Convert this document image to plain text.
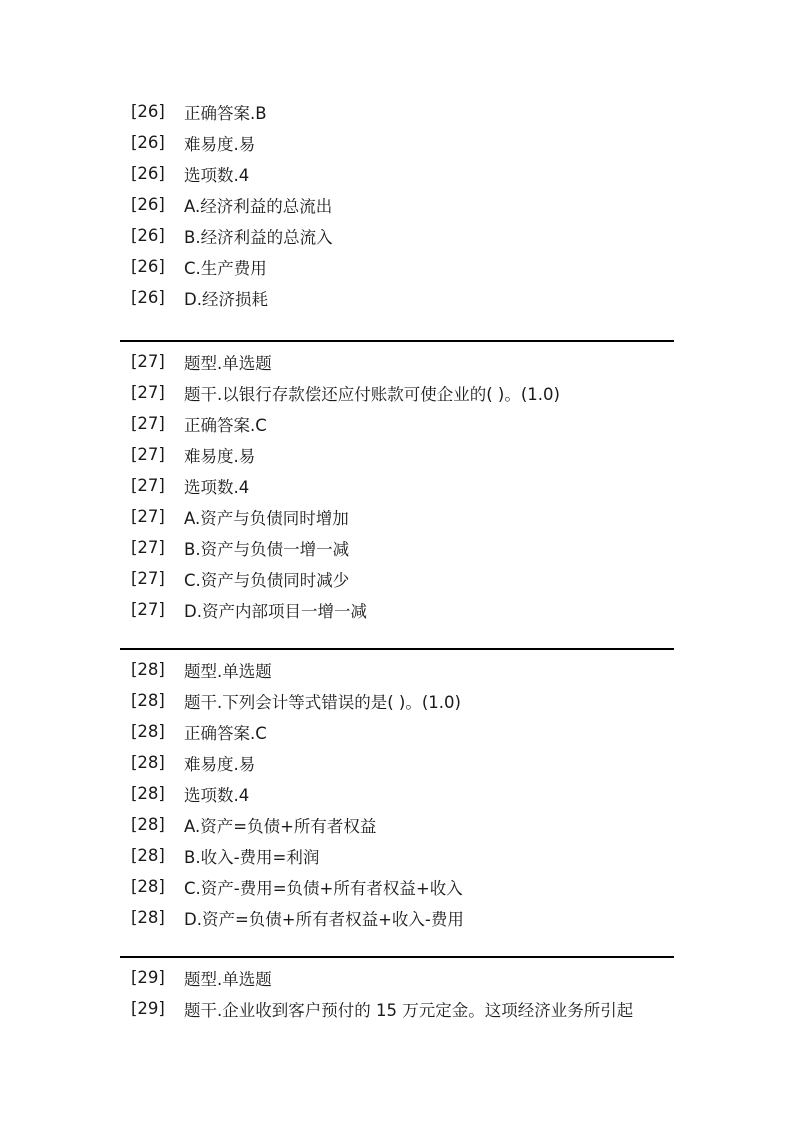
[26]	正确答案.B
[26]	难易度.易
[26]	选项数.4
[26]	A.经济利益的总流出
[26]	B.经济利益的总流入
[26]	C.生产费用
[26]	D.经济损耗
[27]	题型.单选题
[27]	题干.以银行存款偿还应付账款可使企业的( )。(1.0)
[27]	正确答案.C
[27]	难易度.易
[27]	选项数.4
[27]	A.资产与负债同时增加
[27]	B.资产与负债一增一减
[27]	C.资产与负债同时减少
[27]	D.资产内部项目一增一减
[28]	题型.单选题
[28]	题干.下列会计等式错误的是( )。(1.0)
[28]	正确答案.C
[28]	难易度.易
[28]	选项数.4
[28]	A.资产=负债+所有者权益
[28]	B.收入-费用=利润
[28]	C.资产-费用=负债+所有者权益+收入
[28]	D.资产=负债+所有者权益+收入-费用
[29]	题型.单选题
[29]	题干.企业收到客户预付的 15 万元定金。这项经济业务所引起
